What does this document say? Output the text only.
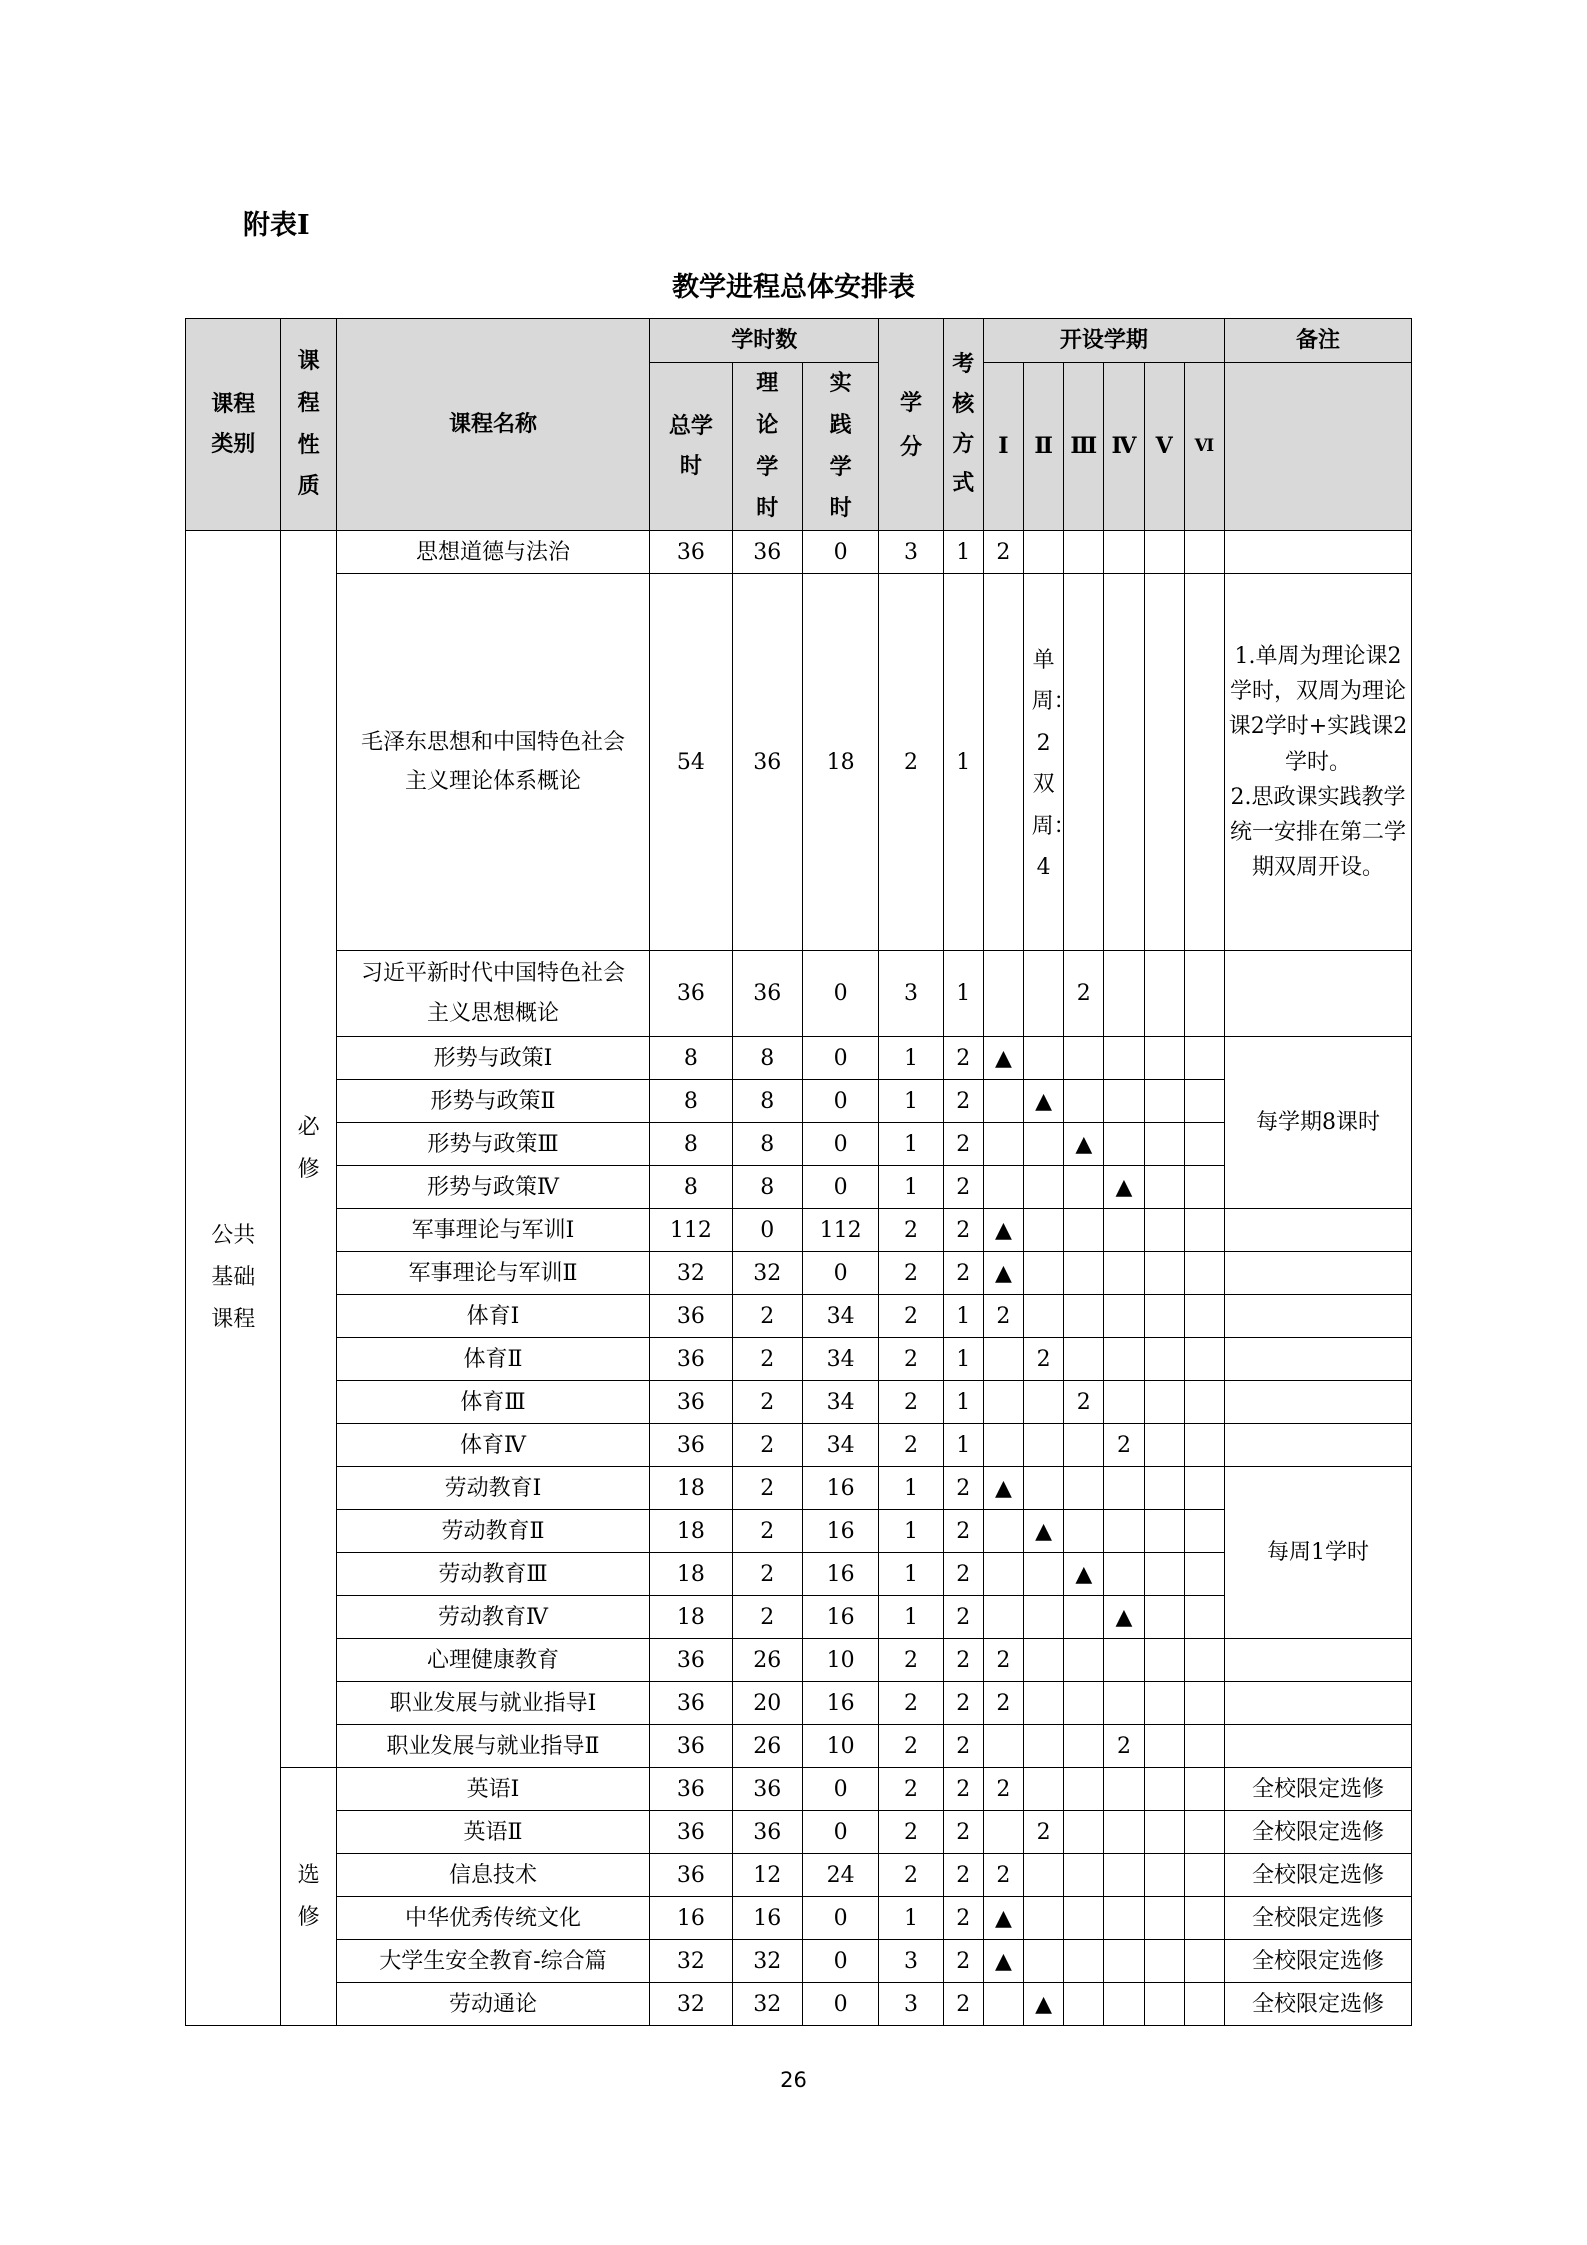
附表Ⅰ
教学进程总体安排表
课程类别	课程性质	课程名称	学时数			学分	考核方式	开设学期						备注

			总学时	理论学时	实践学时			Ⅰ	Ⅱ	Ⅲ	Ⅳ	Ⅴ	Ⅵ	
公共基础课程	必修	思想道德与法治	36	36	0	3	1	2						
		毛泽东思想和中国特色社会主义理论体系概论	54	36	18	2	1		单周：2 双周：4					1.单周为理论课2学时，双周为理论课2学时+实践课2学时。
2.思政课实践教学统一安排在第二学期双周开设。

		习近平新时代中国特色社会主义思想概论	36	36	0	3	1			2				
		形势与政策Ⅰ	8	8	0	1	2	▲						每学期8课时
		形势与政策Ⅱ	8	8	0	1	2		▲					
		形势与政策Ⅲ	8	8	0	1	2			▲				
		形势与政策Ⅳ	8	8	0	1	2				▲			
		军事理论与军训Ⅰ	112	0	112	2	2	▲						
		军事理论与军训Ⅱ	32	32	0	2	2	▲						
		体育Ⅰ	36	2	34	2	1	2						
		体育Ⅱ	36	2	34	2	1		2					
		体育Ⅲ	36	2	34	2	1			2				
		体育Ⅳ	36	2	34	2	1				2			
		劳动教育Ⅰ	18	2	16	1	2	▲						每周1学时
		劳动教育Ⅱ	18	2	16	1	2		▲					
		劳动教育Ⅲ	18	2	16	1	2			▲				
		劳动教育Ⅳ	18	2	16	1	2				▲			
		心理健康教育	36	26	10	2	2	2						
		职业发展与就业指导Ⅰ	36	20	16	2	2	2						
		职业发展与就业指导Ⅱ	36	26	10	2	2				2			

	选修	英语Ⅰ	36	36	0	2	2	2						全校限定选修
		英语Ⅱ	36	36	0	2	2		2					全校限定选修
		信息技术	36	12	24	2	2	2						全校限定选修
		中华优秀传统文化	16	16	0	1	2	▲						全校限定选修
		大学生安全教育-综合篇	32	32	0	3	2	▲						全校限定选修
		劳动通论	32	32	0	3	2		▲					全校限定选修
26
